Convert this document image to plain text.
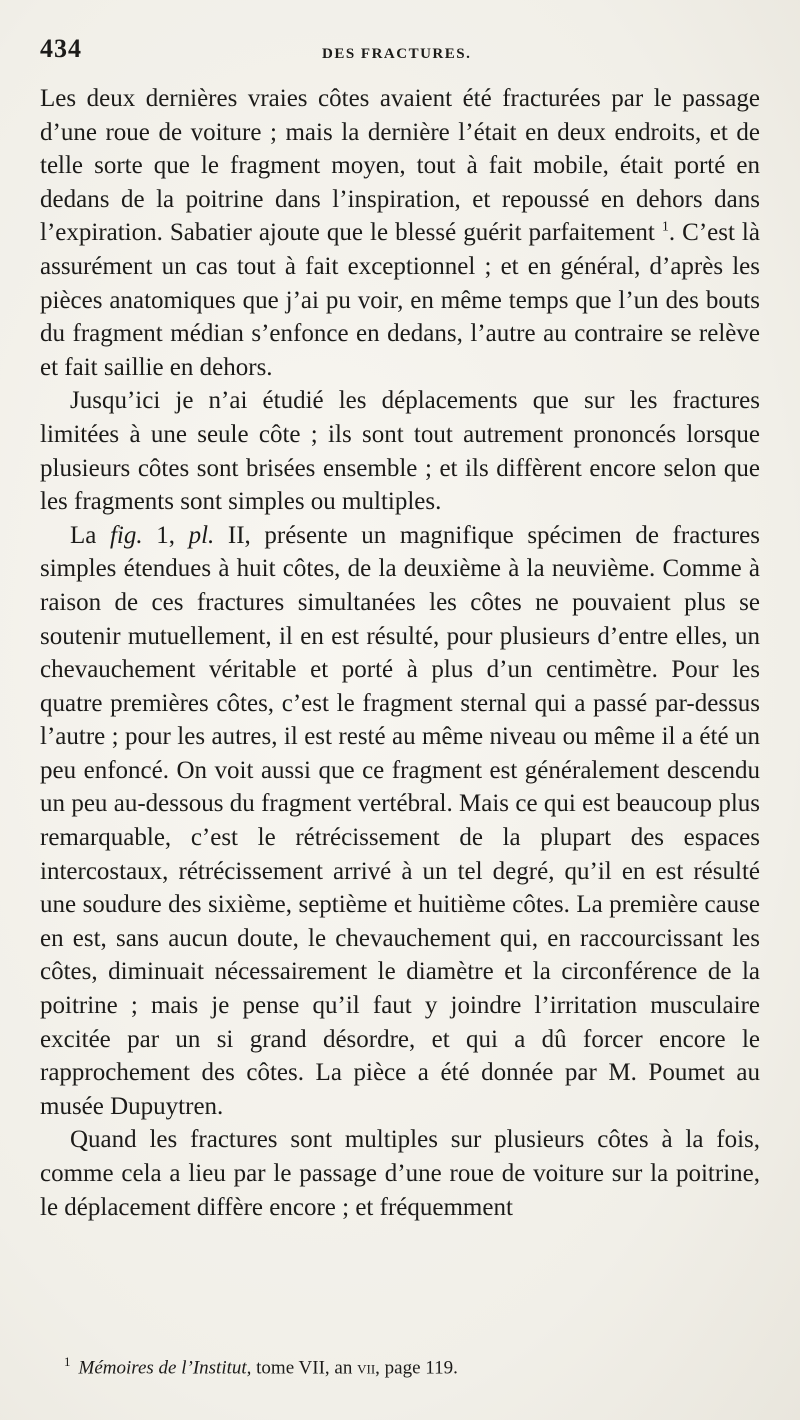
434	DES FRACTURES.

Les deux dernières vraies côtes avaient été fracturées par le passage d’une roue de voiture ; mais la dernière l’était en deux endroits, et de telle sorte que le fragment moyen, tout à fait mobile, était porté en dedans de la poitrine dans l’inspiration, et repoussé en dehors dans l’expiration. Sabatier ajoute que le blessé guérit parfaitement $^1$. C’est là assurément un cas tout à fait exceptionnel ; et en général, d’après les pièces anatomiques que j’ai pu voir, en même temps que l’un des bouts du fragment médian s’enfonce en dedans, l’autre au contraire se relève et fait saillie en dehors.

Jusqu’ici je n’ai étudié les déplacements que sur les fractures limitées à une seule côte ; ils sont tout autrement prononcés lorsque plusieurs côtes sont brisées ensemble ; et ils diffèrent encore selon que les fragments sont simples ou multiples.

La fig. 1, pl. II, présente un magnifique spécimen de fractures simples étendues à huit côtes, de la deuxième à la neuvième. Comme à raison de ces fractures simultanées les côtes ne pouvaient plus se soutenir mutuellement, il en est résulté, pour plusieurs d’entre elles, un chevauchement véritable et porté à plus d’un centimètre. Pour les quatre premières côtes, c’est le fragment sternal qui a passé par-dessus l’autre ; pour les autres, il est resté au même niveau ou même il a été un peu enfoncé. On voit aussi que ce fragment est généralement descendu un peu au-dessous du fragment vertébral. Mais ce qui est beaucoup plus remarquable, c’est le rétrécissement de la plupart des espaces intercostaux, rétrécissement arrivé à un tel degré, qu’il en est résulté une soudure des sixième, septième et huitième côtes. La première cause en est, sans aucun doute, le chevauchement qui, en raccourcissant les côtes, diminuait nécessairement le diamètre et la circonférence de la poitrine ; mais je pense qu’il faut y joindre l’irritation musculaire excitée par un si grand désordre, et qui a dû forcer encore le rapprochement des côtes. La pièce a été donnée par M. Poumet au musée Dupuytren.

Quand les fractures sont multiples sur plusieurs côtes à la fois, comme cela a lieu par le passage d’une roue de voiture sur la poitrine, le déplacement diffère encore ; et fréquemment

$^1$ Mémoires de l’Institut, tome VII, an vii, page 119.
